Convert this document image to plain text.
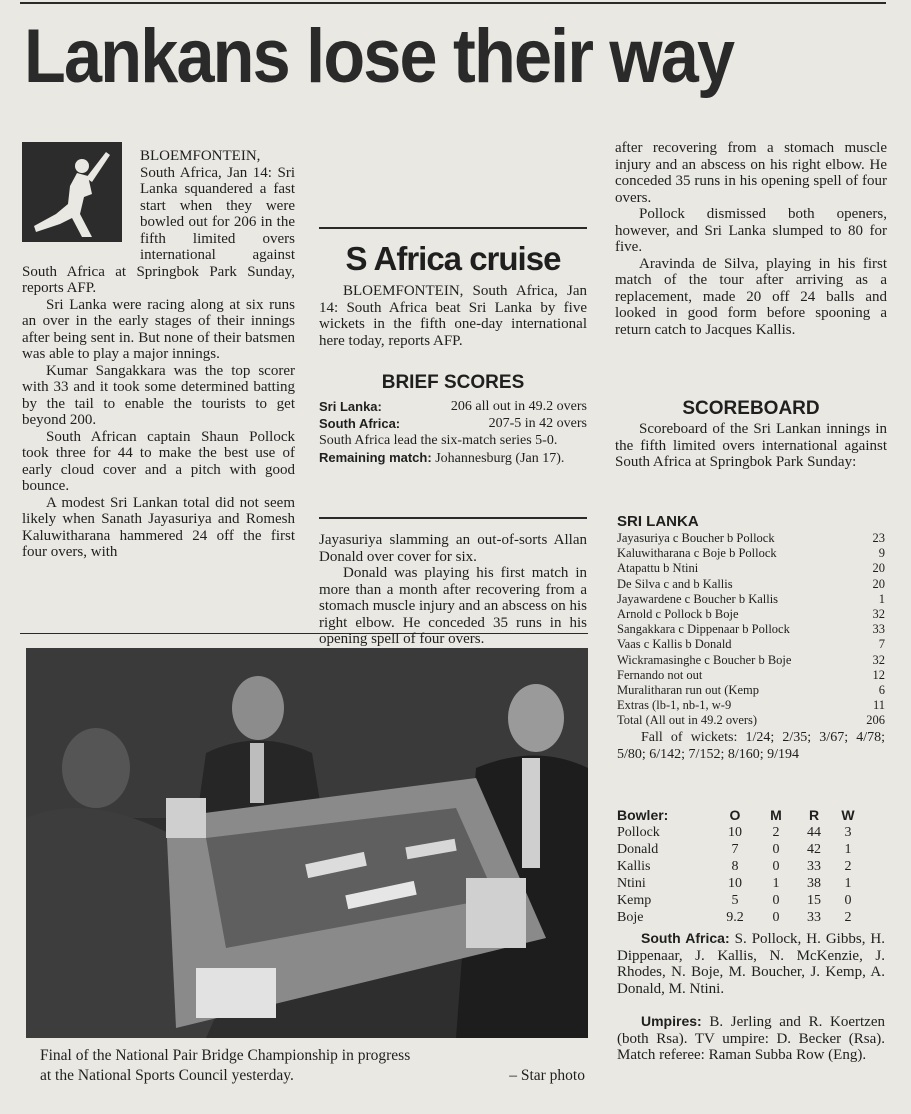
Lankans lose their way

BLOEMFONTEIN, South Africa, Jan 14: Sri Lanka squandered a fast start when they were bowled out for 206 in the fifth limited overs international against South Africa at Springbok Park Sunday, reports AFP.

Sri Lanka were racing along at six runs an over in the early stages of their innings after being sent in. But none of their batsmen was able to play a major innings.

Kumar Sangakkara was the top scorer with 33 and it took some determined batting by the tail to enable the tourists to get beyond 200.

South African captain Shaun Pollock took three for 44 to make the best use of early cloud cover and a pitch with good bounce.

A modest Sri Lankan total did not seem likely when Sanath Jayasuriya and Romesh Kaluwitharana hammered 24 off the first four overs, with

S Africa cruise

BLOEMFONTEIN, South Africa, Jan 14: South Africa beat Sri Lanka by five wickets in the fifth one-day international here today, reports AFP.

BRIEF SCORES
Sri Lanka:	206 all out in 49.2 overs
South Africa:	207-5 in 42 overs
South Africa lead the six-match series 5-0.
Remaining match: Johannesburg (Jan 17).

Jayasuriya slamming an out-of-sorts Allan Donald over cover for six.

Donald was playing his first match in more than a month after recovering from a stomach muscle injury and an abscess on his right elbow. He conceded 35 runs in his opening spell of four overs.

after recovering from a stomach muscle injury and an abscess on his right elbow. He conceded 35 runs in his opening spell of four overs.

Pollock dismissed both openers, however, and Sri Lanka slumped to 80 for five.

Aravinda de Silva, playing in his first match of the tour after arriving as a replacement, made 20 off 24 balls and looked in good form before spooning a return catch to Jacques Kallis.

SCOREBOARD

Scoreboard of the Sri Lankan innings in the fifth limited overs international against South Africa at Springbok Park Sunday:

SRI LANKA
Jayasuriya c Boucher b Pollock	23
Kaluwitharana c Boje b Pollock	9
Atapattu b Ntini	20
De Silva c and b Kallis	20
Jayawardene c Boucher b Kallis	1
Arnold c Pollock b Boje	32
Sangakkara c Dippenaar b Pollock	33
Vaas c Kallis b Donald	7
Wickramasinghe c Boucher b Boje	32
Fernando not out	12
Muralitharan run out (Kemp	6
Extras (lb-1, nb-1, w-9	11
Total (All out in 49.2 overs)	206

Fall of wickets: 1/24; 2/35; 3/67; 4/78; 5/80; 6/142; 7/152; 8/160; 9/194

Bowler:	O	M	R	W
Pollock	10	2	44	3
Donald	7	0	42	1
Kallis	8	0	33	2
Ntini	10	1	38	1
Kemp	5	0	15	0
Boje	9.2	0	33	2

South Africa: S. Pollock, H. Gibbs, H. Dippenaar, J. Kallis, N. McKenzie, J. Rhodes, N. Boje, M. Boucher, J. Kemp, A. Donald, M. Ntini.

Umpires: B. Jerling and R. Koertzen (both Rsa). TV umpire: D. Becker (Rsa). Match referee: Raman Subba Row (Eng).

Final of the National Pair Bridge Championship in progress
at the National Sports Council yesterday.	– Star photo
